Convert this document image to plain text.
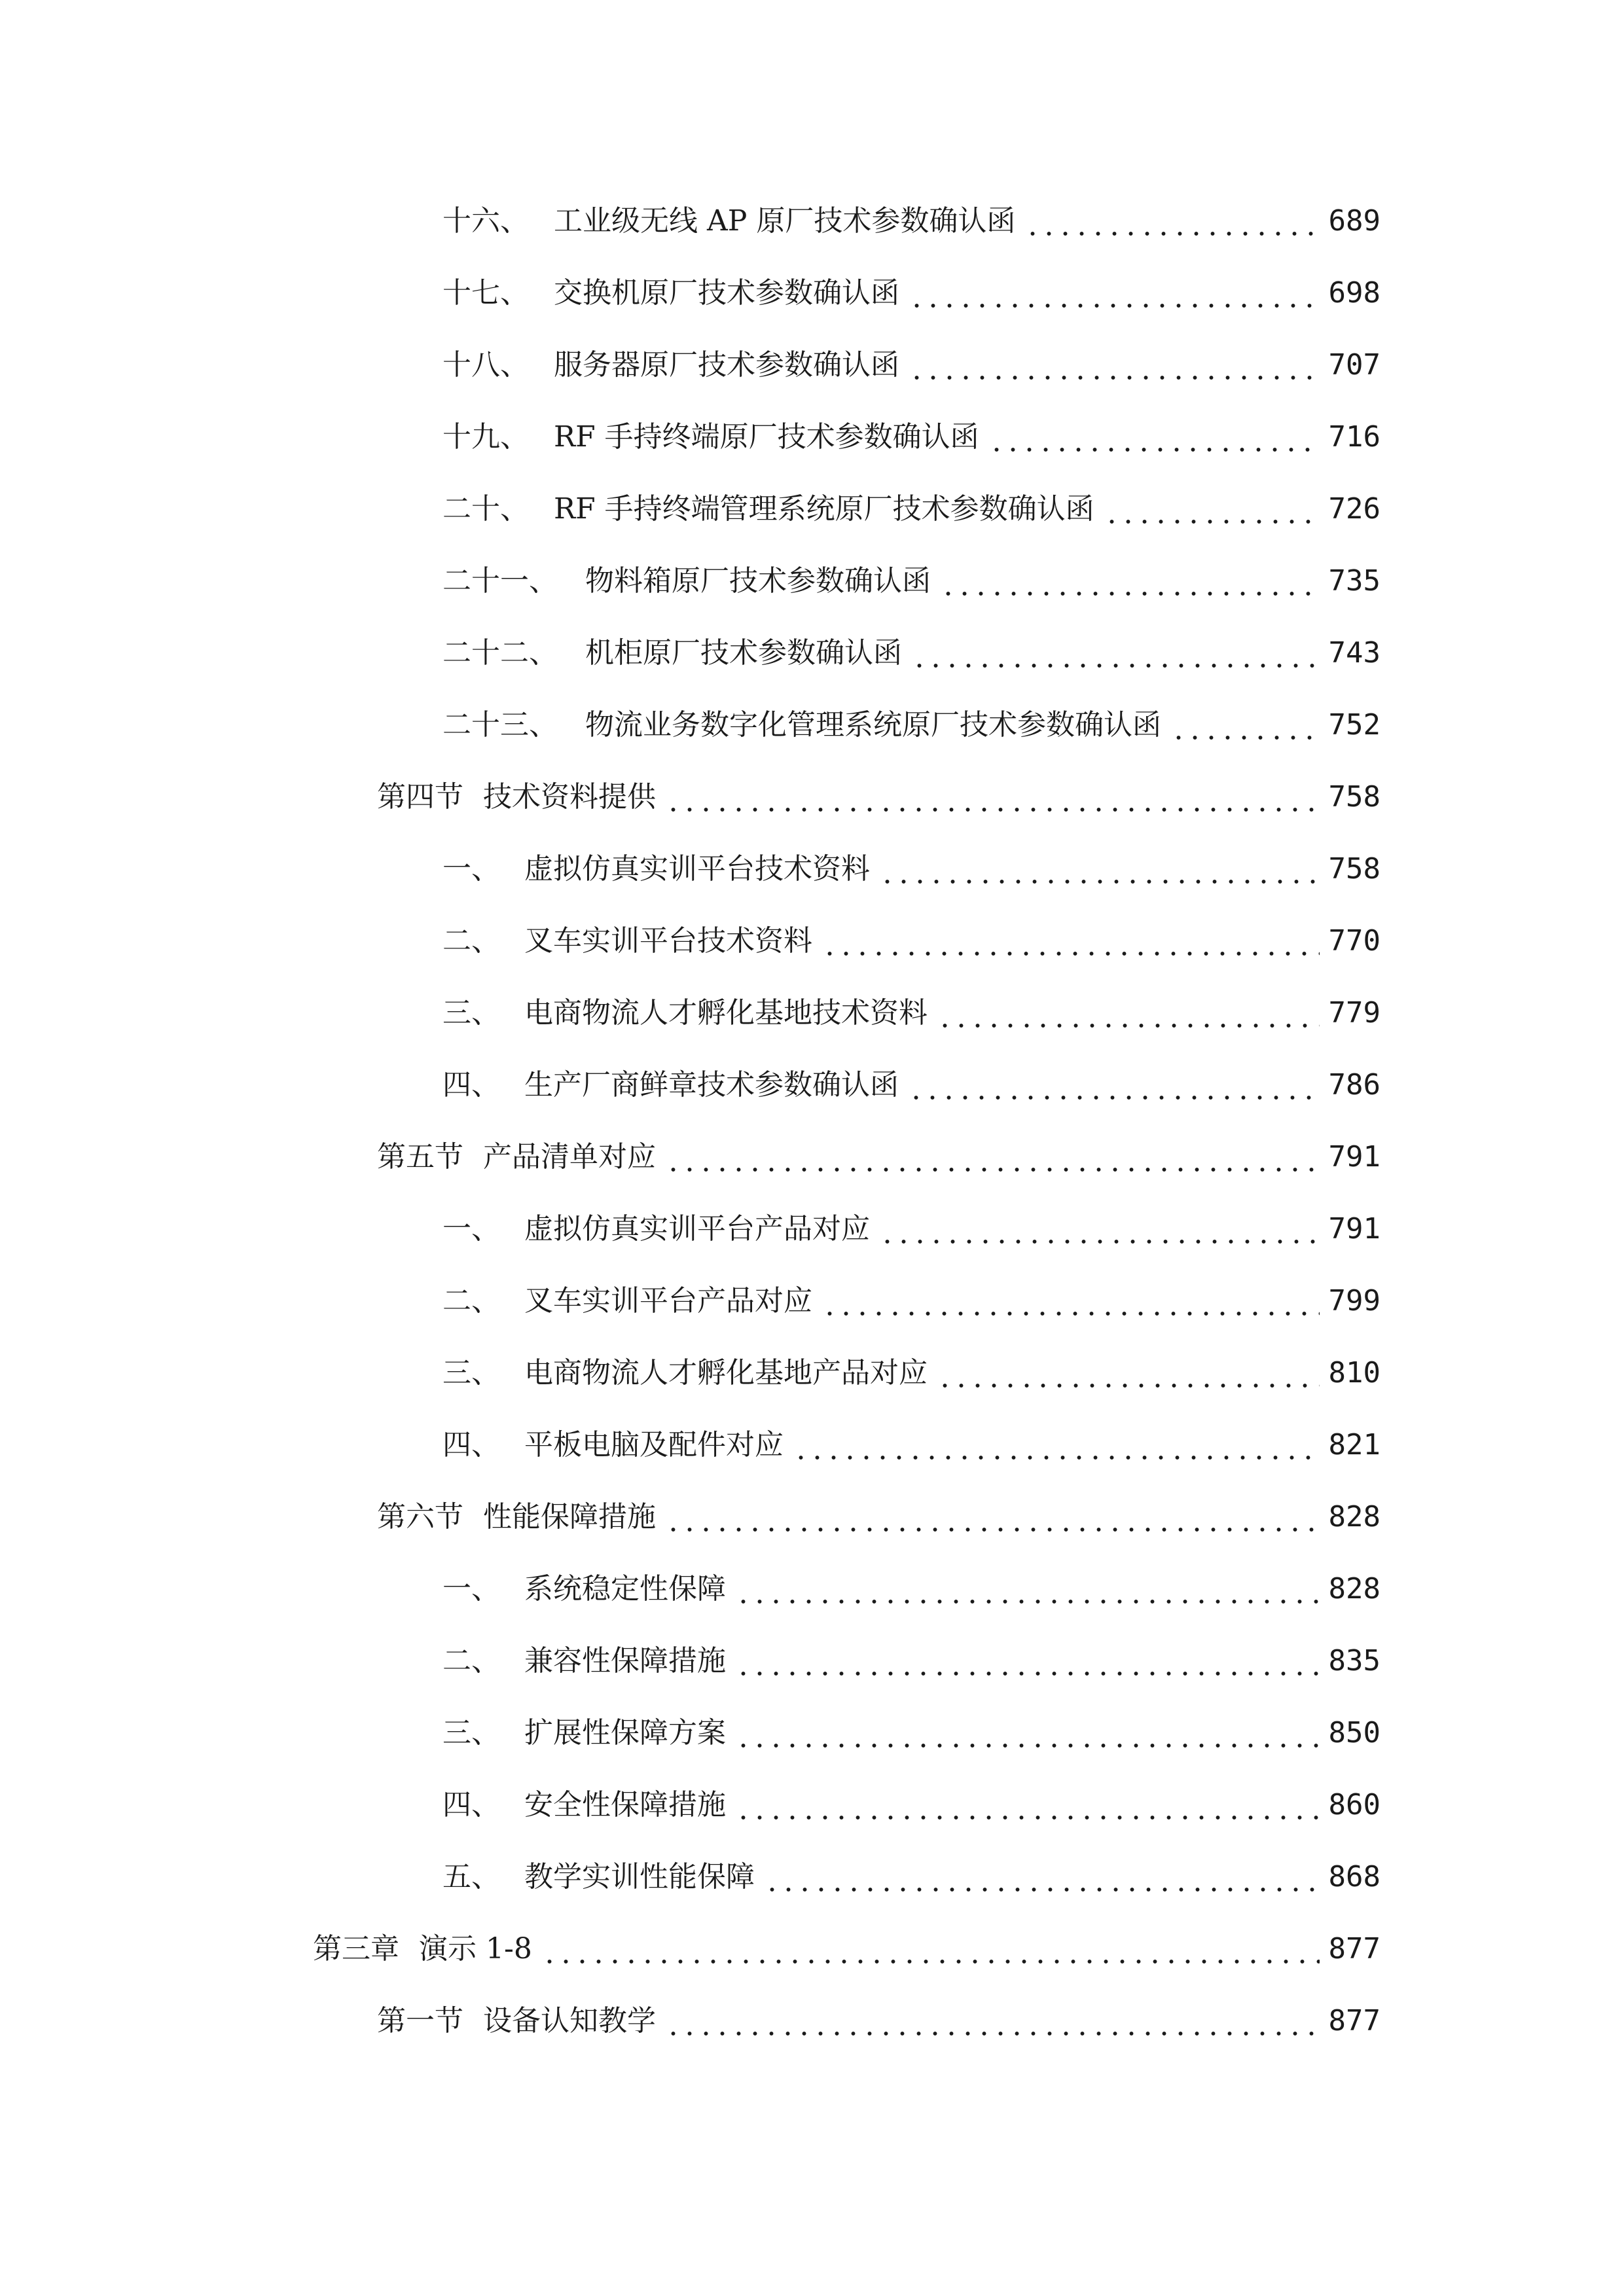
十六、 工业级无线 AP 原厂技术参数确认函	689
十七、 交换机原厂技术参数确认函	698
十八、 服务器原厂技术参数确认函	707
十九、 RF 手持终端原厂技术参数确认函	716
二十、 RF 手持终端管理系统原厂技术参数确认函	726
二十一、 物料箱原厂技术参数确认函	735
二十二、 机柜原厂技术参数确认函	743
二十三、 物流业务数字化管理系统原厂技术参数确认函	752
第四节 技术资料提供	758
一、 虚拟仿真实训平台技术资料	758
二、 叉车实训平台技术资料	770
三、 电商物流人才孵化基地技术资料	779
四、 生产厂商鲜章技术参数确认函	786
第五节 产品清单对应	791
一、 虚拟仿真实训平台产品对应	791
二、 叉车实训平台产品对应	799
三、 电商物流人才孵化基地产品对应	810
四、 平板电脑及配件对应	821
第六节 性能保障措施	828
一、 系统稳定性保障	828
二、 兼容性保障措施	835
三、 扩展性保障方案	850
四、 安全性保障措施	860
五、 教学实训性能保障	868
第三章 演示 1-8	877
第一节 设备认知教学	877
